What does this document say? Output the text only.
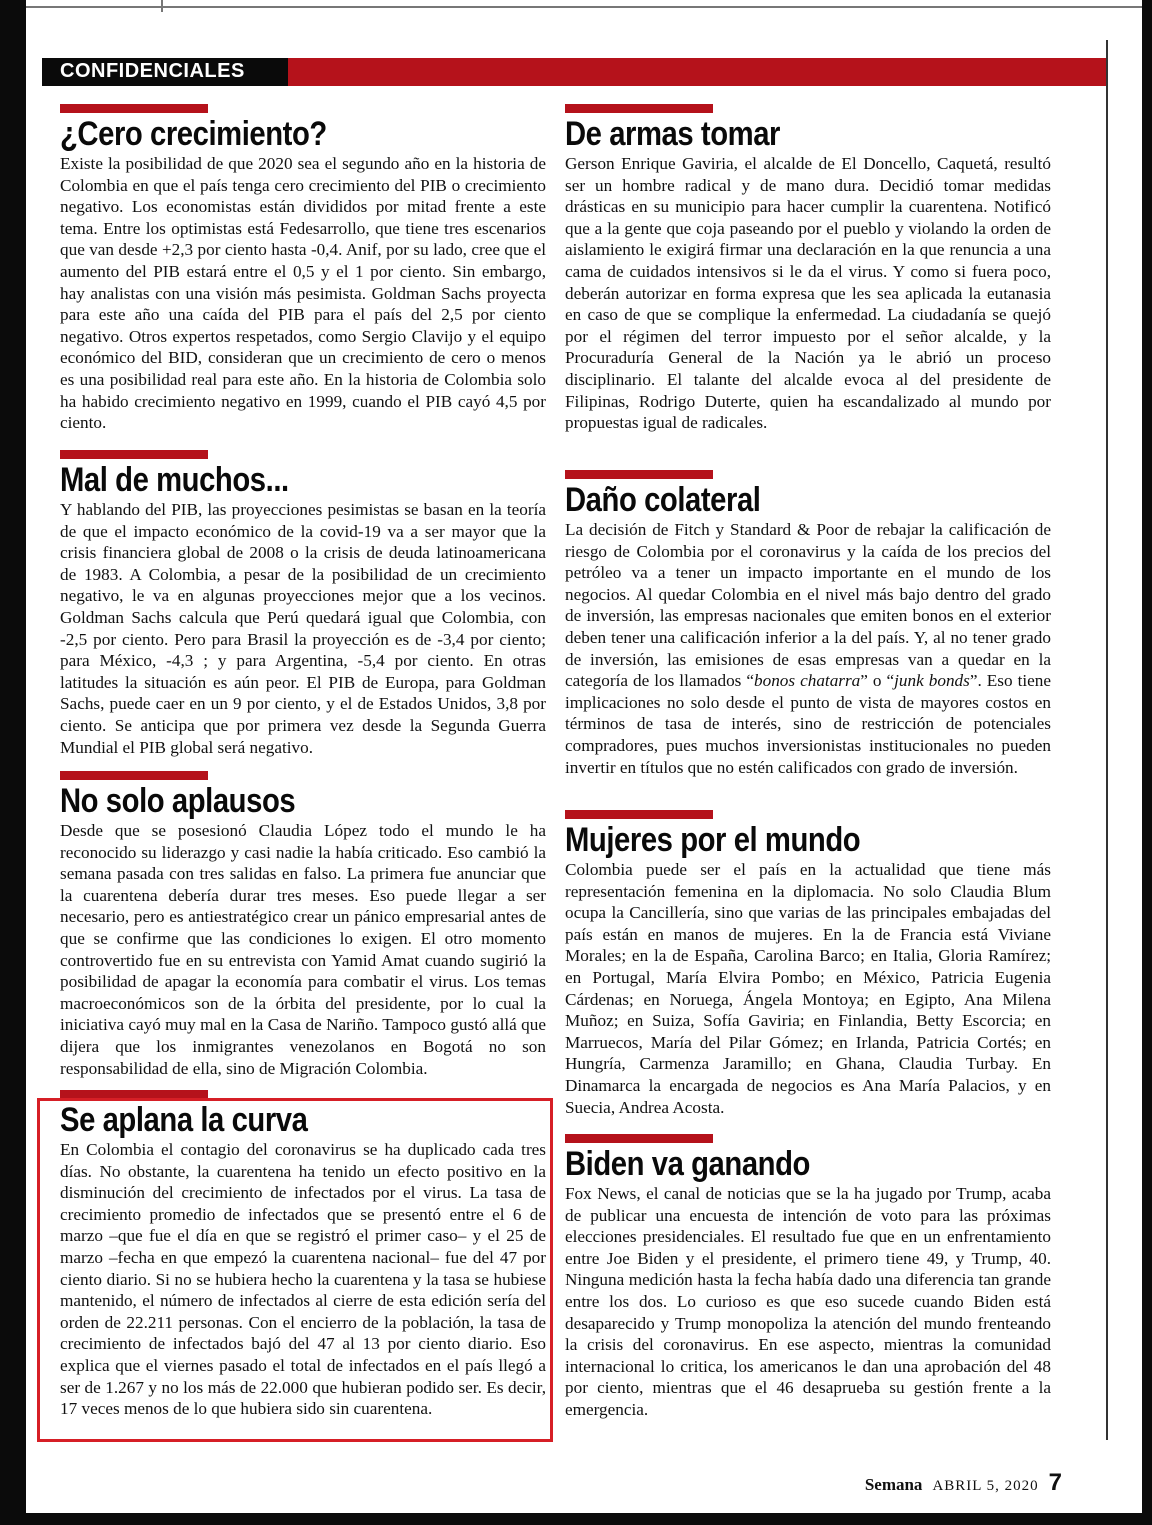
CONFIDENCIALES
¿Cero crecimiento?

Existe la posibilidad de que 2020 sea el segundo año en la historia de Colombia en que el país tenga cero crecimiento del PIB o crecimiento negativo. Los economistas están divididos por mitad frente a este tema. Entre los optimistas está Fedesarrollo, que tiene tres escenarios que van desde +2,3 por ciento hasta -0,4. Anif, por su lado, cree que el aumento del PIB estará entre el 0,5 y el 1 por ciento. Sin embargo, hay analistas con una visión más pesimista. Goldman Sachs proyecta para este año una caída del PIB para el país del 2,5 por ciento negativo. Otros expertos respetados, como Sergio Clavijo y el equipo económico del BID, consideran que un crecimiento de cero o menos es una posibilidad real para este año. En la historia de Colombia solo ha habido crecimiento negativo en 1999, cuando el PIB cayó 4,5 por ciento.

Mal de muchos...

Y hablando del PIB, las proyecciones pesimistas se basan en la teoría de que el impacto económico de la covid-19 va a ser mayor que la crisis financiera global de 2008 o la crisis de deuda latinoamericana de 1983. A Colombia, a pesar de la posibilidad de un crecimiento negativo, le va en algunas proyecciones mejor que a los vecinos. Goldman Sachs calcula que Perú quedará igual que Colombia, con -2,5 por ciento. Pero para Brasil la proyección es de -3,4 por ciento; para México, -4,3 ; y para Argentina, -5,4 por ciento. En otras latitudes la situación es aún peor. El PIB de Europa, para Goldman Sachs, puede caer en un 9 por ciento, y el de Estados Unidos, 3,8 por ciento. Se anticipa que por primera vez desde la Segunda Guerra Mundial el PIB global será negativo.

No solo aplausos

Desde que se posesionó Claudia López todo el mundo le ha reconocido su liderazgo y casi nadie la había criticado. Eso cambió la semana pasada con tres salidas en falso. La primera fue anunciar que la cuarentena debería durar tres meses. Eso puede llegar a ser necesario, pero es antiestratégico crear un pánico empresarial antes de que se confirme que las condiciones lo exigen. El otro momento controvertido fue en su entrevista con Yamid Amat cuando sugirió la posibilidad de apagar la economía para combatir el virus. Los temas macroeconómicos son de la órbita del presidente, por lo cual la iniciativa cayó muy mal en la Casa de Nariño. Tampoco gustó allá que dijera que los inmigrantes venezolanos en Bogotá no son responsabilidad de ella, sino de Migración Colombia.

Se aplana la curva

En Colombia el contagio del coronavirus se ha duplicado cada tres días. No obstante, la cuarentena ha tenido un efecto positivo en la disminución del crecimiento de infectados por el virus. La tasa de crecimiento promedio de infectados que se presentó entre el 6 de marzo –que fue el día en que se registró el primer caso– y el 25 de marzo –fecha en que empezó la cuarentena nacional– fue del 47 por ciento diario. Si no se hubiera hecho la cuarentena y la tasa se hubiese mantenido, el número de infectados al cierre de esta edición sería del orden de 22.211 personas. Con el encierro de la población, la tasa de crecimiento de infectados bajó del 47 al 13 por ciento diario. Eso explica que el viernes pasado el total de infectados en el país llegó a ser de 1.267 y no los más de 22.000 que hubieran podido ser. Es decir, 17 veces menos de lo que hubiera sido sin cuarentena.

De armas tomar

Gerson Enrique Gaviria, el alcalde de El Doncello, Caquetá, resultó ser un hombre radical y de mano dura. Decidió tomar medidas drásticas en su municipio para hacer cumplir la cuarentena. Notificó que a la gente que coja paseando por el pueblo y violando la orden de aislamiento le exigirá firmar una declaración en la que renuncia a una cama de cuidados intensivos si le da el virus. Y como si fuera poco, deberán autorizar en forma expresa que les sea aplicada la eutanasia en caso de que se complique la enfermedad. La ciudadanía se quejó por el régimen del terror impuesto por el señor alcalde, y la Procuraduría General de la Nación ya le abrió un proceso disciplinario. El talante del alcalde evoca al del presidente de Filipinas, Rodrigo Duterte, quien ha escandalizado al mundo por propuestas igual de radicales.

Daño colateral

La decisión de Fitch y Standard & Poor de rebajar la calificación de riesgo de Colombia por el coronavirus y la caída de los precios del petróleo va a tener un impacto importante en el mundo de los negocios. Al quedar Colombia en el nivel más bajo dentro del grado de inversión, las empresas nacionales que emiten bonos en el exterior deben tener una calificación inferior a la del país. Y, al no tener grado de inversión, las emisiones de esas empresas van a quedar en la categoría de los llamados “bonos chatarra” o “junk bonds”. Eso tiene implicaciones no solo desde el punto de vista de mayores costos en términos de tasa de interés, sino de restricción de potenciales compradores, pues muchos inversionistas institucionales no pueden invertir en títulos que no estén calificados con grado de inversión.

Mujeres por el mundo

Colombia puede ser el país en la actualidad que tiene más representación femenina en la diplomacia. No solo Claudia Blum ocupa la Cancillería, sino que varias de las principales embajadas del país están en manos de mujeres. En la de Francia está Viviane Morales; en la de España, Carolina Barco; en Italia, Gloria Ramírez; en Portugal, María Elvira Pombo; en México, Patricia Eugenia Cárdenas; en Noruega, Ángela Montoya; en Egipto, Ana Milena Muñoz; en Suiza, Sofía Gaviria; en Finlandia, Betty Escorcia; en Marruecos, María del Pilar Gómez; en Irlanda, Patricia Cortés; en Hungría, Carmenza Jaramillo; en Ghana, Claudia Turbay. En Dinamarca la encargada de negocios es Ana María Palacios, y en Suecia, Andrea Acosta.

Biden va ganando

Fox News, el canal de noticias que se la ha jugado por Trump, acaba de publicar una encuesta de intención de voto para las próximas elecciones presidenciales. El resultado fue que en un enfrentamiento entre Joe Biden y el presidente, el primero tiene 49, y Trump, 40. Ninguna medición hasta la fecha había dado una diferencia tan grande entre los dos. Lo curioso es que eso sucede cuando Biden está desaparecido y Trump monopoliza la atención del mundo frenteando la crisis del coronavirus. En ese aspecto, mientras la comunidad internacional lo critica, los americanos le dan una aprobación del 48 por ciento, mientras que el 46 desaprueba su gestión frente a la emergencia.

Semana ABRIL 5, 2020 7
